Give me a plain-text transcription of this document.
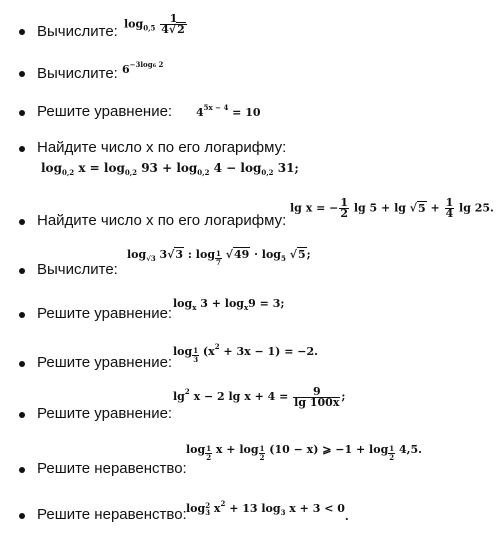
Вычислите: $\log_{0,5} \frac{1}{4√2}$
Вычислите: $6^{-3log6 2}$
Решите уравнение: $4^{5x - 4} = 10$
Найдите число х по его логарифму:
$\log_{0,2} x = \log_{0,2} 93 + \log_{0,2} 4 - \log_{0,2} 31$;
Найдите число х по его логарифму:
lg x = − $\frac{1}{2}$ $\lg 5 + \lg √5 + \frac{1}{4}$ lg 25.
Вычислите:
$\log_{√3} 3√3$ : $\log \frac{1}{7} √49 \cdot \log_5 √5$;
Решите уравнение:
$\log_x 3 + \log_x9 = 3$;
Решите уравнение:
$\log \frac{1}{3} (x^2 + 3x - 1) = -2$.
Решите уравнение:
$\lg^2 x - 2$ $\lg x + 4 = \frac{9}{\lg 100x}$ ;
Решите неравенство:
$\log \frac{1}{2}$ $x + \log \frac{1}{2} (10 - x)$ ⩾ $-1 + \log \frac{1}{2} 4,5$.
Решите неравенство: log 2
3 $x^2 + 13$ $\log_3 x + 3 < 0$.
